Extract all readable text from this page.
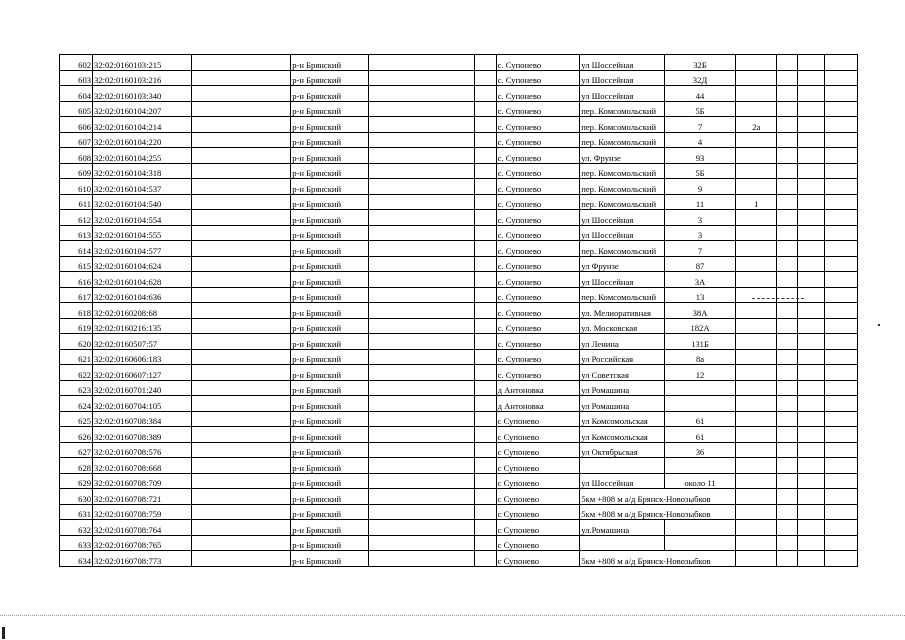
602	32:02:0160103:215		р-н Брянский			с. Супонево	ул Шоссейная	32Б				
603	32:02:0160103:216		р-н Брянский			с. Супонево	ул Шоссейная	32Д				
604	32:02:0160103:340		р-н Брянский			с. Супонево	ул Шоссейная	44				
605	32:02:0160104:207		р-н Брянский			с. Супонево	пер. Комсомольский	5Б				
606	32:02:0160104:214		р-н Брянский			с. Супонево	пер. Комсомольский	7	2а			
607	32:02:0160104:220		р-н Брянский			с. Супонево	пер. Комсомольский	4				
608	32:02:0160104:255		р-н Брянский			с. Супонево	ул. Фрунзе	93				
609	32:02:0160104:318		р-н Брянский			с. Супонево	пер. Комсомольский	5Б				
610	32:02:0160104:537		р-н Брянский			с. Супонево	пер. Комсомольский	9				
611	32:02:0160104:540		р-н Брянский			с. Супонево	пер. Комсомольский	11	1			
612	32:02:0160104:554		р-н Брянский			с. Супонево	ул Шоссейная	3				
613	32:02:0160104:555		р-н Брянский			с. Супонево	ул Шоссейная	3				
614	32:02:0160104:577		р-н Брянский			с. Супонево	пер. Комсомольский	7				
615	32:02:0160104:624		р-н Брянский			с. Супонево	ул Фрунзе	87				
616	32:02:0160104:628		р-н Брянский			с. Супонево	ул Шоссейная	3А				
617	32:02:0160104:636		р-н Брянский			с. Супонево	пер. Комсомольский	13				
618	32:02:0160208:68		р-н Брянский			с. Супонево	ул. Мелиоративная	38А				
619	32:02:0160216:135		р-н Брянский			с. Супонево	ул. Московская	182А				
620	32:02:0160507:57		р-н Брянский			с. Супонево	ул Ленина	131Б				
621	32:02:0160606:183		р-н Брянский			с. Супонево	ул Российская	8а				
622	32:02:0160607:127		р-н Брянский			с. Супонево	ул Советская	12				
623	32:02:0160701:240		р-н Брянский			д Антоновка	ул Ромашина					
624	32:02:0160704:105		р-н Брянский			д Антоновка	ул Ромашина					
625	32:02:0160708:384		р-н Брянский			с Супонево	ул Комсомольская	61				
626	32:02:0160708:389		р-н Брянский			с Супонево	ул Комсомольская	61				
627	32:02:0160708:576		р-н Брянский			с Супонево	ул Октябрьская	36				
628	32:02:0160708:668		р-н Брянский			с Супонево						
629	32:02:0160708:709		р-н Брянский			с Супонево	ул Шоссейная	около 11				
630	32:02:0160708:721		р-н Брянский			с Супонево	5км +808 м а/д Брянск-Новозыбков					
631	32:02:0160708:759		р-н Брянский			с Супонево	5км +808 м а/д Брянск-Новозыбков					
632	32:02:0160708:764		р-н Брянский			с Супонево	ул.Ромашина					
633	32:02:0160708:765		р-н Брянский			с Супонево						
634	32:02:0160708:773		р-н Брянский			с Супонево	5км +808 м а/д Брянск-Новозыбков					
